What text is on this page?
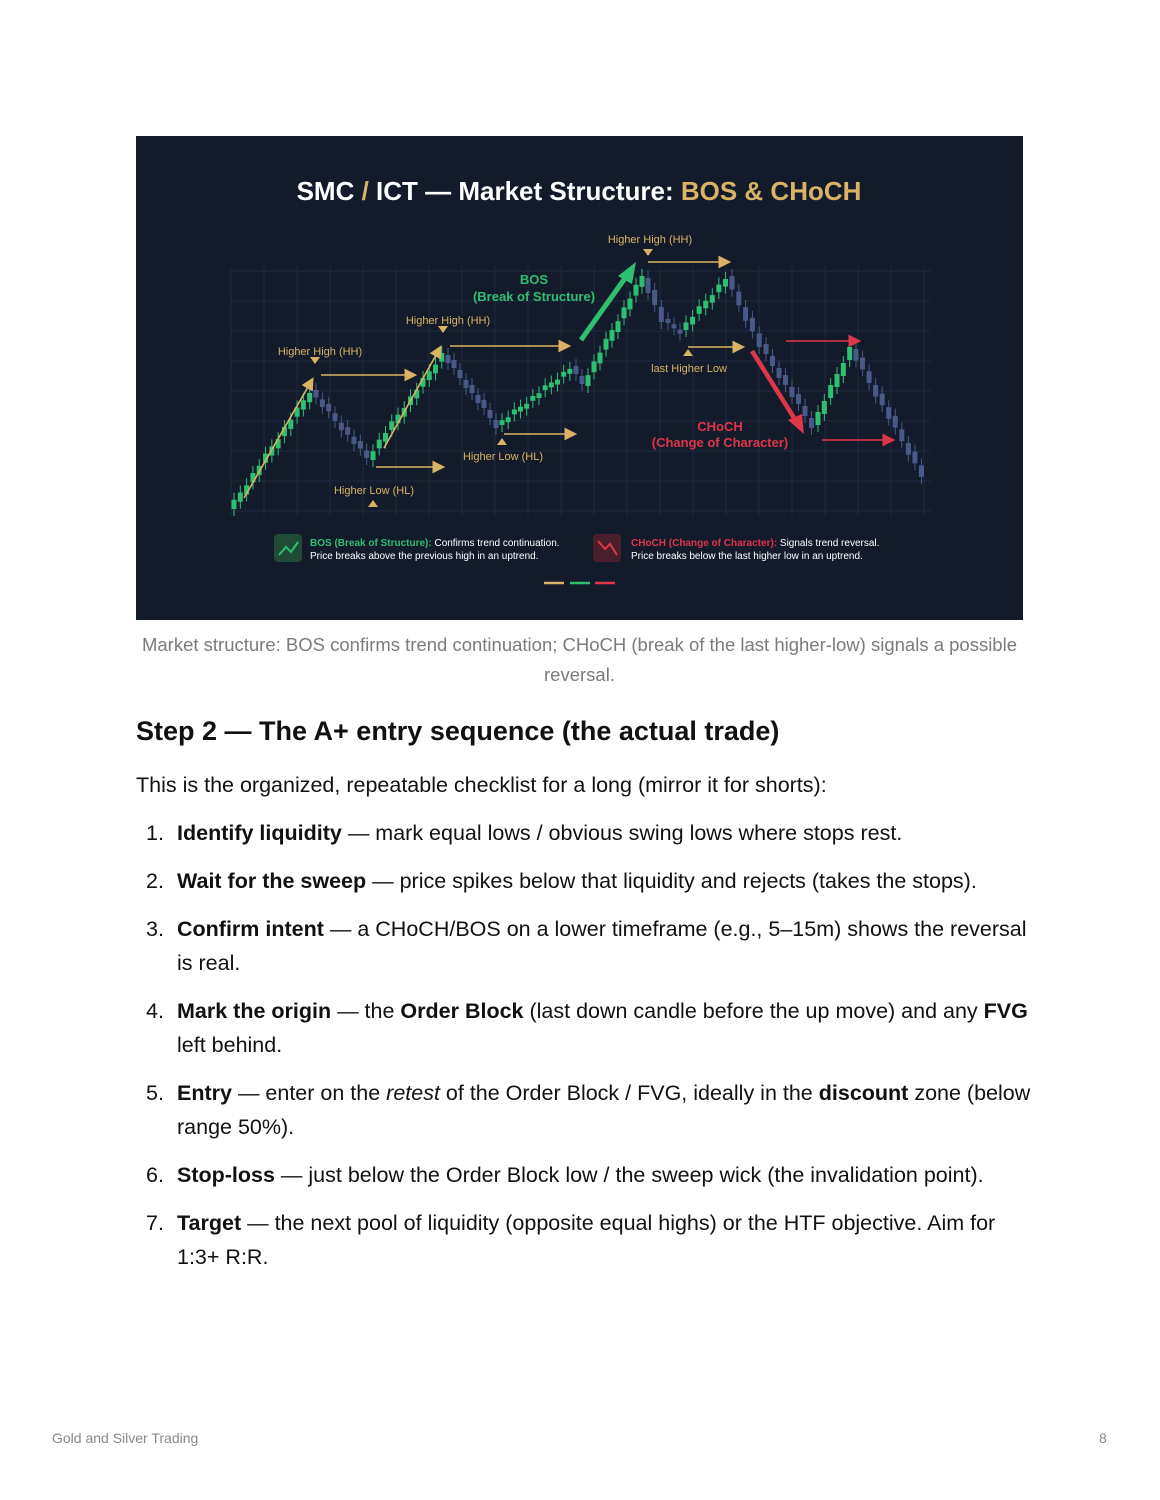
SMC / ICT — Market Structure: BOS & CHoCH
Higher High (HH)
Higher High (HH)
Higher High (HH)
Higher Low (HL)
Higher Low (HL)
last Higher Low
BOS
(Break of Structure)
CHoCH
(Change of Character)
BOS (Break of Structure): Confirms trend continuation.
Price breaks above the previous high in an uptrend.
CHoCH (Change of Character): Signals trend reversal.
Price breaks below the last higher low in an uptrend.
Market structure: BOS confirms trend continuation; CHoCH (break of the last higher-low) signals a possible reversal.
Step 2 — The A+ entry sequence (the actual trade)

This is the organized, repeatable checklist for a long (mirror it for shorts):

1. Identify liquidity — mark equal lows / obvious swing lows where stops rest.
2. Wait for the sweep — price spikes below that liquidity and rejects (takes the stops).
3. Confirm intent — a CHoCH/BOS on a lower timeframe (e.g., 5–15m) shows the reversal is real.
4. Mark the origin — the Order Block (last down candle before the up move) and any FVG left behind.
5. Entry — enter on the retest of the Order Block / FVG, ideally in the discount zone (below range 50%).
6. Stop-loss — just below the Order Block low / the sweep wick (the invalidation point).
7. Target — the next pool of liquidity (opposite equal highs) or the HTF objective. Aim for 1:3+ R:R.
Gold and Silver Trading	8
